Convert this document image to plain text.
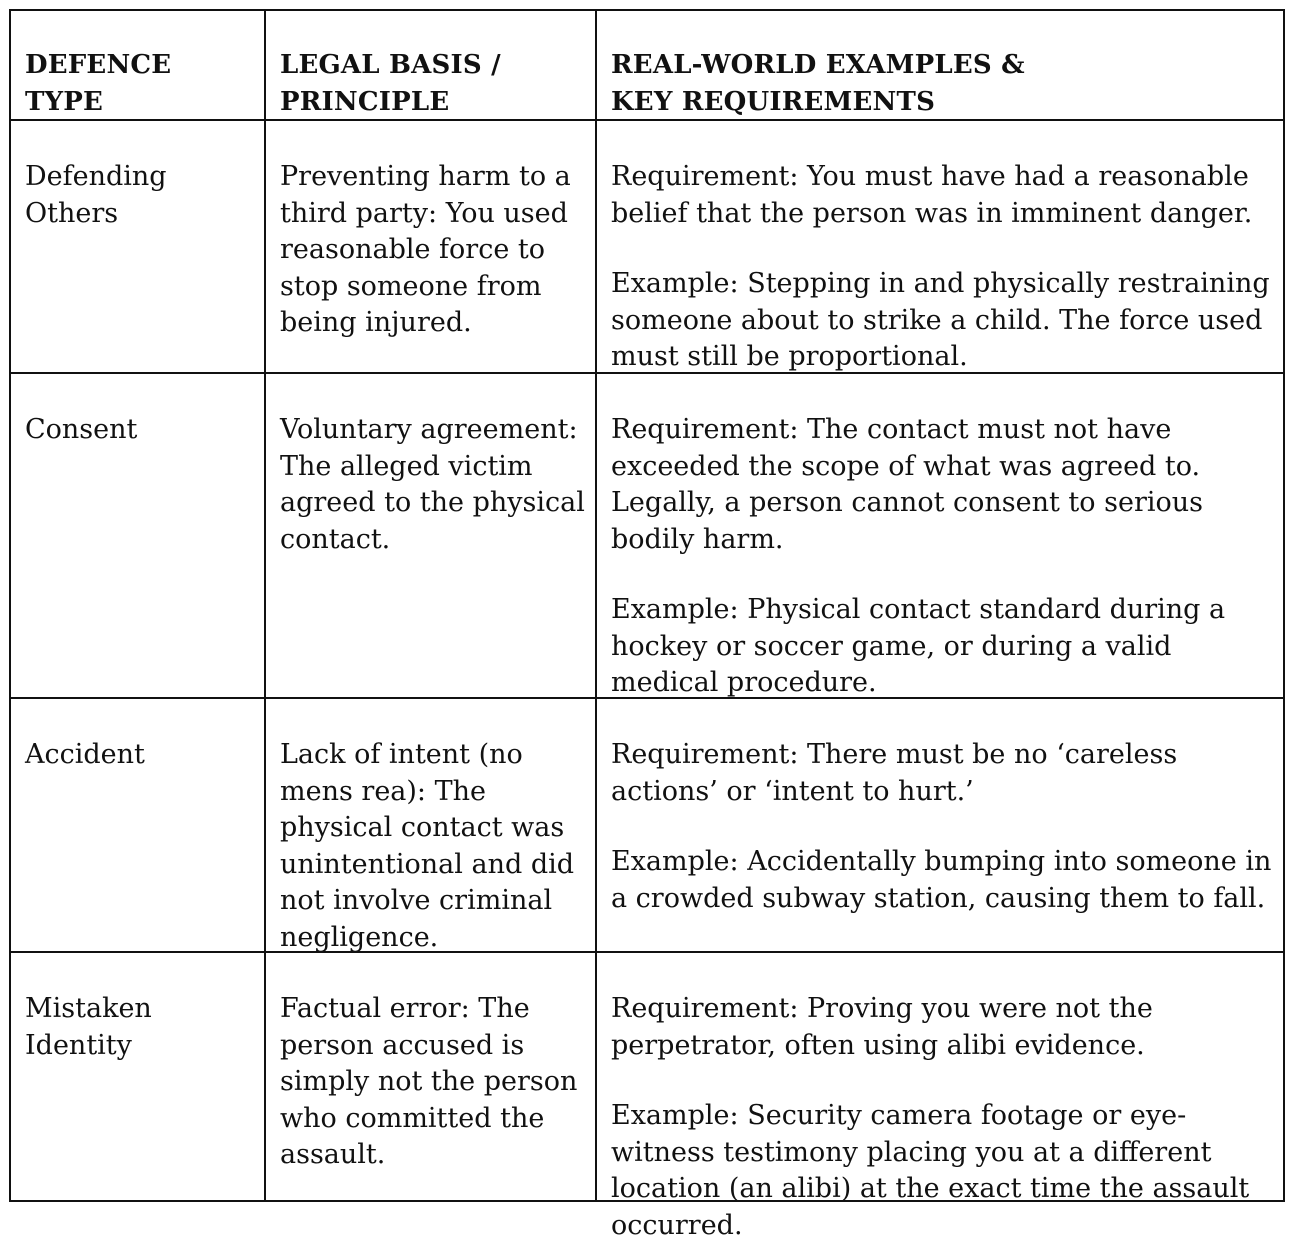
DEFENCE TYPE
LEGAL BASIS / PRINCIPLE
REAL-WORLD EXAMPLES & KEY REQUIREMENTS
Defending Others
Preventing harm to a third party: You used reasonable force to stop someone from being injured.

Requirement: You must have had a reasonable belief that the person was in imminent danger.

Example: Stepping in and physically restraining someone about to strike a child. The force used must still be proportional.

Consent	Voluntary agreement: The alleged victim agreed to the physical contact.

Requirement: The contact must not have exceeded the scope of what was agreed to. Legally, a person cannot consent to serious bodily harm.

Example: Physical contact standard during a hockey or soccer game, or during a valid medical procedure.

Accident	Lack of intent (no mens rea): The physical contact was unintentional and did not involve criminal negligence.

Requirement: There must be no ‘careless actions’ or ‘intent to hurt.’

Example: Accidentally bumping into someone in a crowded subway station, causing them to fall.

Mistaken Identity
Factual error: The person accused is simply not the person who committed the assault.

Requirement: Proving you were not the perpetrator, often using alibi evidence.

Example: Security camera footage or eye-witness testimony placing you at a different location (an alibi) at the exact time the assault occurred.
